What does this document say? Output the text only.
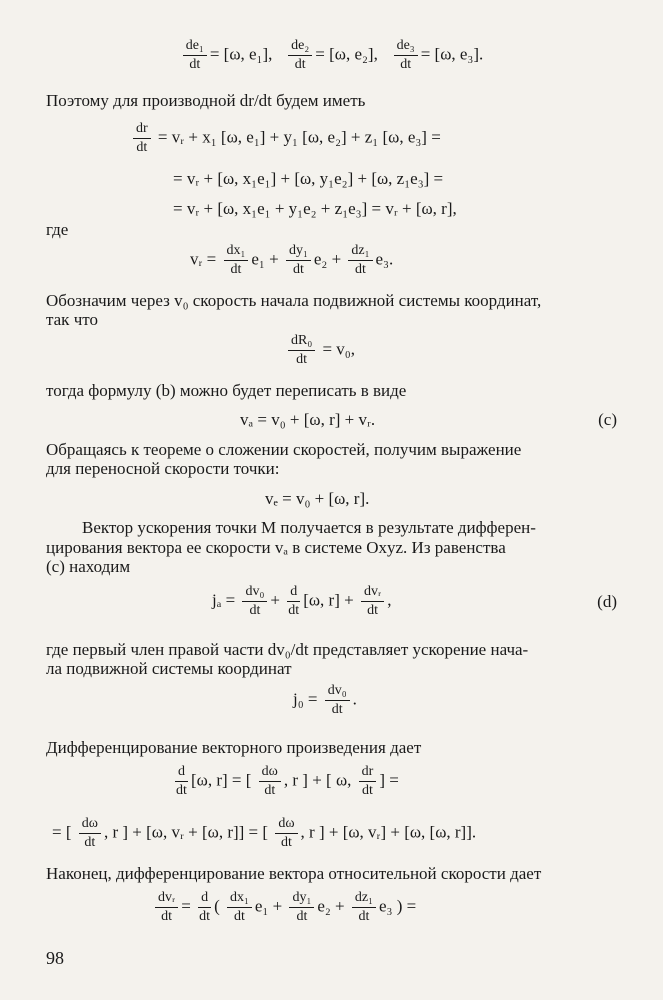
$\frac{\text{de₁}}{dt} = [\omega$, e₁], $\frac{\text{de₂}}{dt} = [\omega$, e₂], $\frac{\text{de₃}}{dt} = [\omega$, e₃].
Поэтому для производной dr/dt будем иметь
$\frac{dr}{dt}$ = vᵣ + x₁ [ω, e₁] + y₁ [ω, e₂] + z₁ [ω, e₃] =
= vᵣ + [ω, x₁e₁] + [ω, y₁e₂] + [ω, z₁e₃] =
= vᵣ + [ω, x₁e₁ + y₁e₂ + z₁e₃] = vᵣ + [ω, r],
где
vᵣ = $\frac{\text{dx₁}}{dt} e_1 + \frac{\text{dy₁}}{dt} e_2 + \frac{\text{dz₁}}{dt} e_3$.
Обозначим через v₀ скорость начала подвижной системы координат,
так что
$\frac{\text{dR₀}}{dt} = v_0$,
тогда формулу (b) можно будет переписать в виде
vₐ = v₀ + [ω, r] + vᵣ.	(c)
Обращаясь к теореме о сложении скоростей, получим выражение
для переносной скорости точки:
vₑ = v₀ + [ω, r].
Вектор ускорения точки M получается в результате дифферен-
цирования вектора ее скорости vₐ в системе Oxyz. Из равенства
(c) находим
$j_a = \frac{\text{dv₀}}{dt} + \frac{d}{dt} [\omega$, $r] + \frac{\text{dvᵣ}}{dt}$ ,	(d)
где первый член правой части dv₀/dt представляет ускорение нача-
ла подвижной системы координат
$j_0 = \frac{\text{dv₀}}{dt}$ .
Дифференцирование векторного произведения дает
$\frac{d}{dt} [\omega$, r] = [ $\frac{d\omega}{dt}$ , r ] + [ ω, $\frac{dr}{dt}$ ] =
= [ $\frac{d\omega}{dt}$ , r ] + [ω, vᵣ + [ω, r]] = [ $\frac{d\omega}{dt}$ , r ] + [ω, vᵣ] + [ω, [ω, r]].
Наконец, дифференцирование вектора относительной скорости дает
$\frac{\text{dvᵣ}}{dt} = \frac{d}{dt}$ ( $\frac{\text{dx₁}}{dt} e_1 + \frac{\text{dy₁}}{dt} e_2 + \frac{\text{dz₁}}{dt} e_3$ ) =
98
